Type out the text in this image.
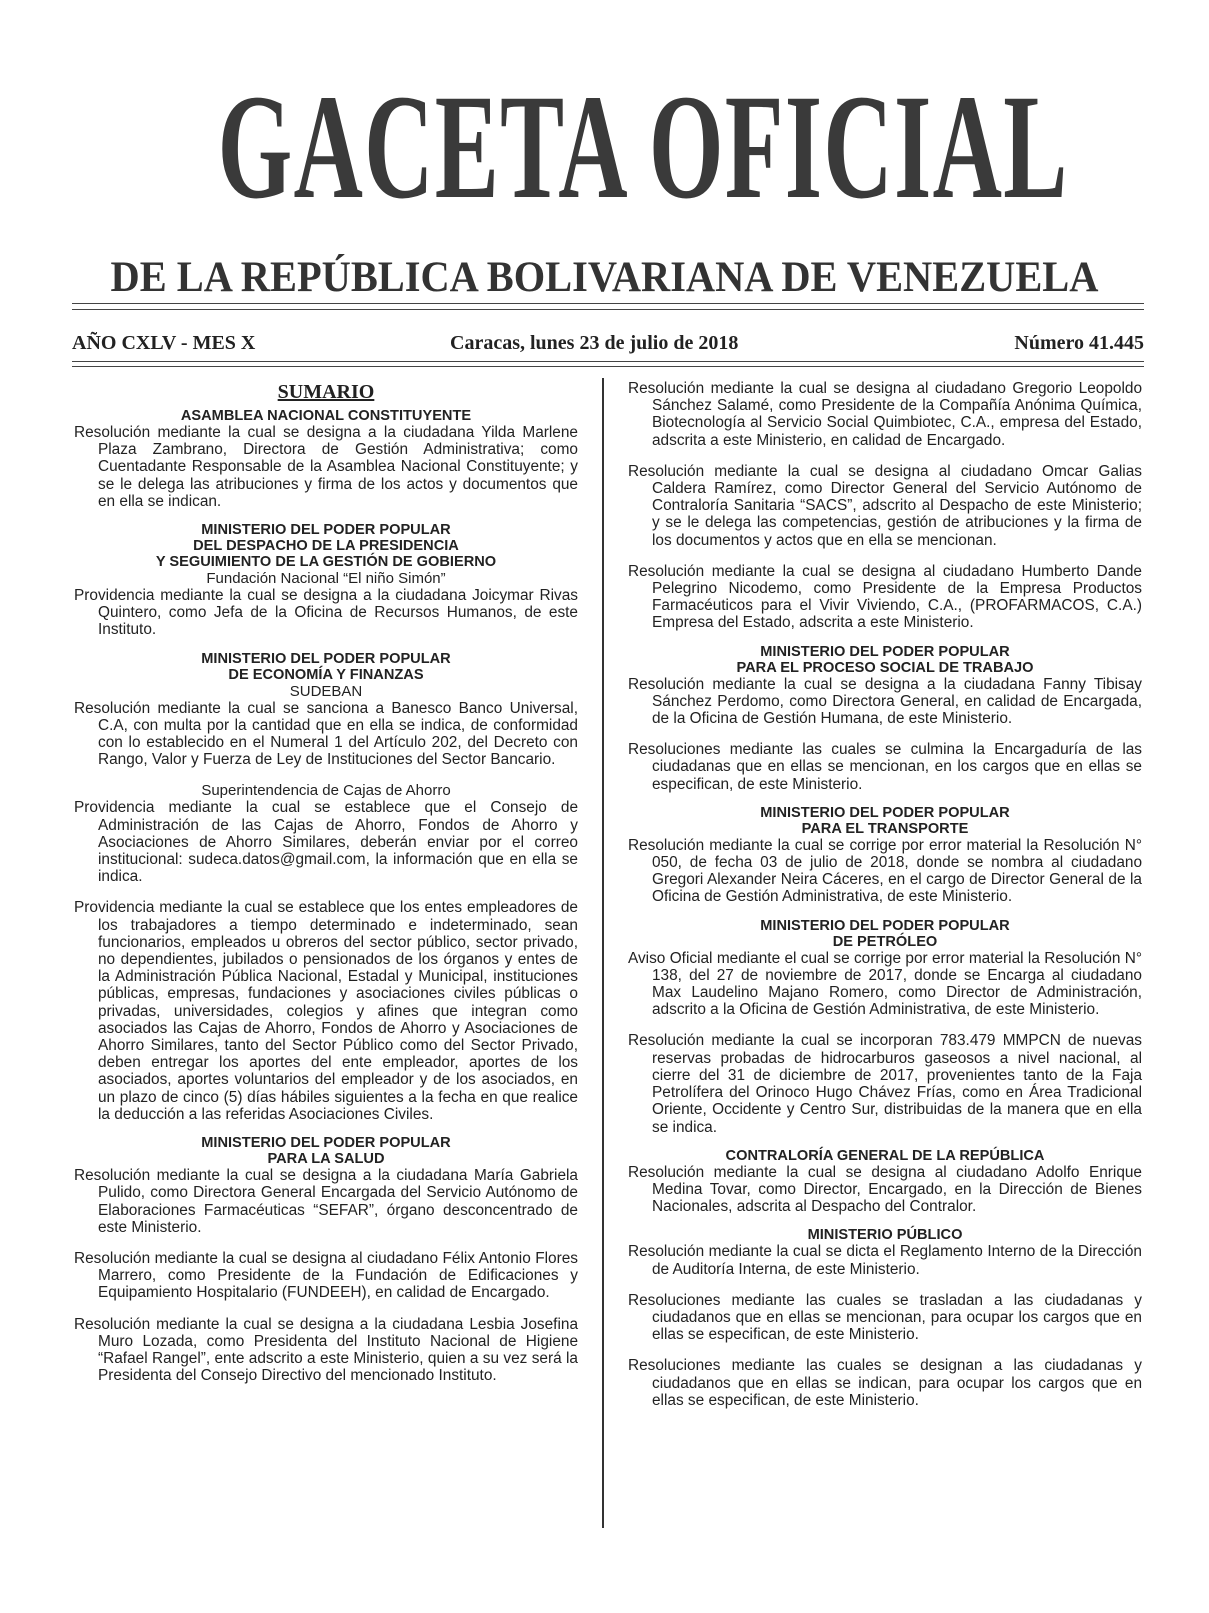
GACETA OFICIAL
DE LA REPÚBLICA BOLIVARIANA DE VENEZUELA
AÑO CXLV - MES X	Caracas, lunes 23 de julio de 2018	Número 41.445
SUMARIO
ASAMBLEA NACIONAL CONSTITUYENTE
Resolución mediante la cual se designa a la ciudadana Yilda Marlene Plaza Zambrano, Directora de Gestión Administrativa; como Cuentadante Responsable de la Asamblea Nacional Constituyente; y se le delega las atribuciones y firma de los actos y documentos que en ella se indican.
MINISTERIO DEL PODER POPULAR
DEL DESPACHO DE LA PRESIDENCIA
Y SEGUIMIENTO DE LA GESTIÓN DE GOBIERNO
Fundación Nacional “El niño Simón”
Providencia mediante la cual se designa a la ciudadana Joicymar Rivas Quintero, como Jefa de la Oficina de Recursos Humanos, de este Instituto.
MINISTERIO DEL PODER POPULAR
DE ECONOMÍA Y FINANZAS
SUDEBAN
Resolución mediante la cual se sanciona a Banesco Banco Universal, C.A, con multa por la cantidad que en ella se indica, de conformidad con lo establecido en el Numeral 1 del Artículo 202, del Decreto con Rango, Valor y Fuerza de Ley de Instituciones del Sector Bancario.
Superintendencia de Cajas de Ahorro
Providencia mediante la cual se establece que el Consejo de Administración de las Cajas de Ahorro, Fondos de Ahorro y Asociaciones de Ahorro Similares, deberán enviar por el correo institucional: sudeca.datos@gmail.com, la información que en ella se indica.
Providencia mediante la cual se establece que los entes empleadores de los trabajadores a tiempo determinado e indeterminado, sean funcionarios, empleados u obreros del sector público, sector privado, no dependientes, jubilados o pensionados de los órganos y entes de la Administración Pública Nacional, Estadal y Municipal, instituciones públicas, empresas, fundaciones y asociaciones civiles públicas o privadas, universidades, colegios y afines que integran como asociados las Cajas de Ahorro, Fondos de Ahorro y Asociaciones de Ahorro Similares, tanto del Sector Público como del Sector Privado, deben entregar los aportes del ente empleador, aportes de los asociados, aportes voluntarios del empleador y de los asociados, en un plazo de cinco (5) días hábiles siguientes a la fecha en que realice la deducción a las referidas Asociaciones Civiles.
MINISTERIO DEL PODER POPULAR
PARA LA SALUD
Resolución mediante la cual se designa a la ciudadana María Gabriela Pulido, como Directora General Encargada del Servicio Autónomo de Elaboraciones Farmacéuticas “SEFAR”, órgano desconcentrado de este Ministerio.
Resolución mediante la cual se designa al ciudadano Félix Antonio Flores Marrero, como Presidente de la Fundación de Edificaciones y Equipamiento Hospitalario (FUNDEEH), en calidad de Encargado.
Resolución mediante la cual se designa a la ciudadana Lesbia Josefina Muro Lozada, como Presidenta del Instituto Nacional de Higiene “Rafael Rangel”, ente adscrito a este Ministerio, quien a su vez será la Presidenta del Consejo Directivo del mencionado Instituto.
Resolución mediante la cual se designa al ciudadano Gregorio Leopoldo Sánchez Salamé, como Presidente de la Compañía Anónima Química, Biotecnología al Servicio Social Quimbiotec, C.A., empresa del Estado, adscrita a este Ministerio, en calidad de Encargado.
Resolución mediante la cual se designa al ciudadano Omcar Galias Caldera Ramírez, como Director General del Servicio Autónomo de Contraloría Sanitaria “SACS”, adscrito al Despacho de este Ministerio; y se le delega las competencias, gestión de atribuciones y la firma de los documentos y actos que en ella se mencionan.
Resolución mediante la cual se designa al ciudadano Humberto Dande Pelegrino Nicodemo, como Presidente de la Empresa Productos Farmacéuticos para el Vivir Viviendo, C.A., (PROFARMACOS, C.A.) Empresa del Estado, adscrita a este Ministerio.
MINISTERIO DEL PODER POPULAR
PARA EL PROCESO SOCIAL DE TRABAJO
Resolución mediante la cual se designa a la ciudadana Fanny Tibisay Sánchez Perdomo, como Directora General, en calidad de Encargada, de la Oficina de Gestión Humana, de este Ministerio.
Resoluciones mediante las cuales se culmina la Encargaduría de las ciudadanas que en ellas se mencionan, en los cargos que en ellas se especifican, de este Ministerio.
MINISTERIO DEL PODER POPULAR
PARA EL TRANSPORTE
Resolución mediante la cual se corrige por error material la Resolución N° 050, de fecha 03 de julio de 2018, donde se nombra al ciudadano Gregori Alexander Neira Cáceres, en el cargo de Director General de la Oficina de Gestión Administrativa, de este Ministerio.
MINISTERIO DEL PODER POPULAR
DE PETRÓLEO
Aviso Oficial mediante el cual se corrige por error material la Resolución N° 138, del 27 de noviembre de 2017, donde se Encarga al ciudadano Max Laudelino Majano Romero, como Director de Administración, adscrito a la Oficina de Gestión Administrativa, de este Ministerio.
Resolución mediante la cual se incorporan 783.479 MMPCN de nuevas reservas probadas de hidrocarburos gaseosos a nivel nacional, al cierre del 31 de diciembre de 2017, provenientes tanto de la Faja Petrolífera del Orinoco Hugo Chávez Frías, como en Área Tradicional Oriente, Occidente y Centro Sur, distribuidas de la manera que en ella se indica.
CONTRALORÍA GENERAL DE LA REPÚBLICA
Resolución mediante la cual se designa al ciudadano Adolfo Enrique Medina Tovar, como Director, Encargado, en la Dirección de Bienes Nacionales, adscrita al Despacho del Contralor.
MINISTERIO PÚBLICO
Resolución mediante la cual se dicta el Reglamento Interno de la Dirección de Auditoría Interna, de este Ministerio.
Resoluciones mediante las cuales se trasladan a las ciudadanas y ciudadanos que en ellas se mencionan, para ocupar los cargos que en ellas se especifican, de este Ministerio.
Resoluciones mediante las cuales se designan a las ciudadanas y ciudadanos que en ellas se indican, para ocupar los cargos que en ellas se especifican, de este Ministerio.
